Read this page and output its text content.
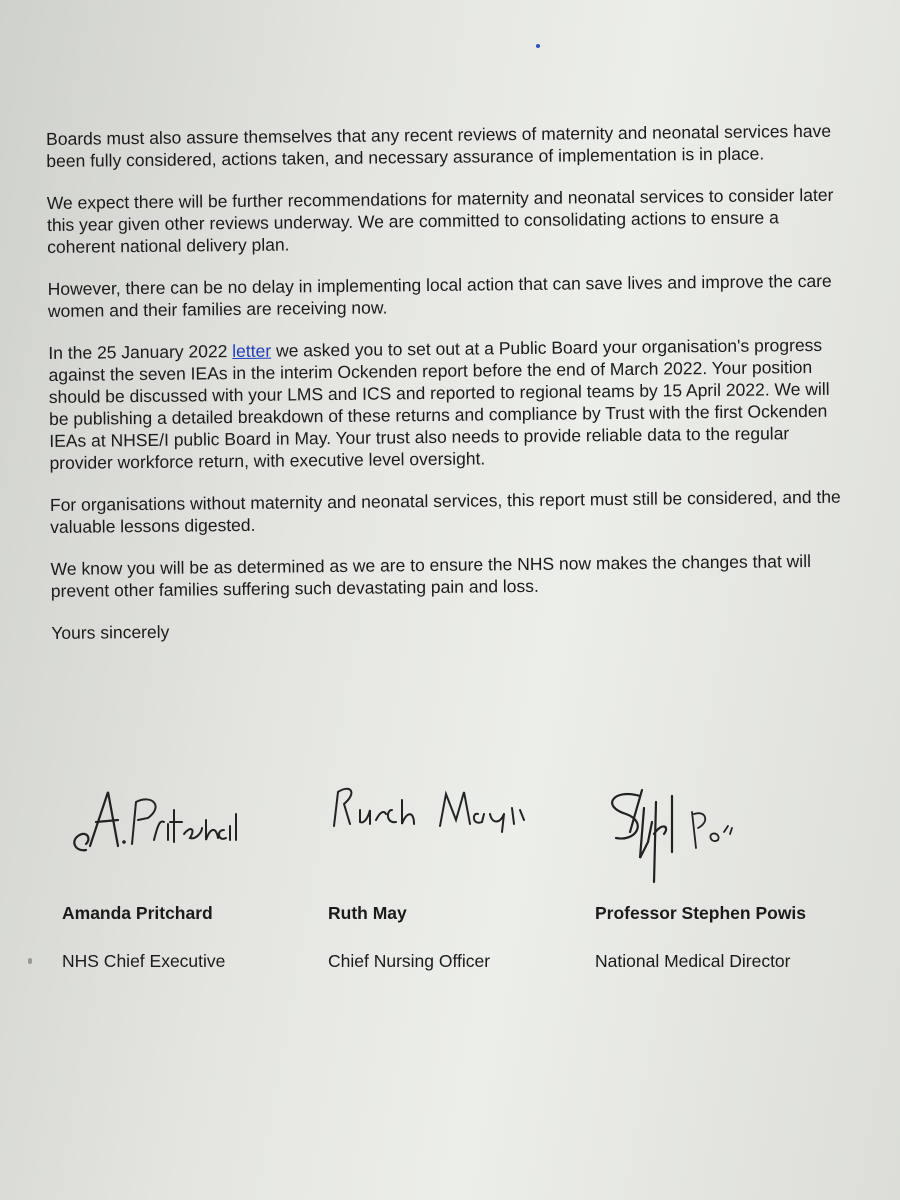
Boards must also assure themselves that any recent reviews of maternity and neonatal services have been fully considered, actions taken, and necessary assurance of implementation is in place.

We expect there will be further recommendations for maternity and neonatal services to consider later this year given other reviews underway. We are committed to consolidating actions to ensure a coherent national delivery plan.

However, there can be no delay in implementing local action that can save lives and improve the care women and their families are receiving now.

In the 25 January 2022 letter we asked you to set out at a Public Board your organisation's progress against the seven IEAs in the interim Ockenden report before the end of March 2022. Your position should be discussed with your LMS and ICS and reported to regional teams by 15 April 2022. We will be publishing a detailed breakdown of these returns and compliance by Trust with the first Ockenden IEAs at NHSE/I public Board in May. Your trust also needs to provide reliable data to the regular provider workforce return, with executive level oversight.

For organisations without maternity and neonatal services, this report must still be considered, and the valuable lessons digested.

We know you will be as determined as we are to ensure the NHS now makes the changes that will prevent other families suffering such devastating pain and loss.

Yours sincerely

Amanda Pritchard
NHS Chief Executive
Ruth May
Chief Nursing Officer
Professor Stephen Powis
National Medical Director
